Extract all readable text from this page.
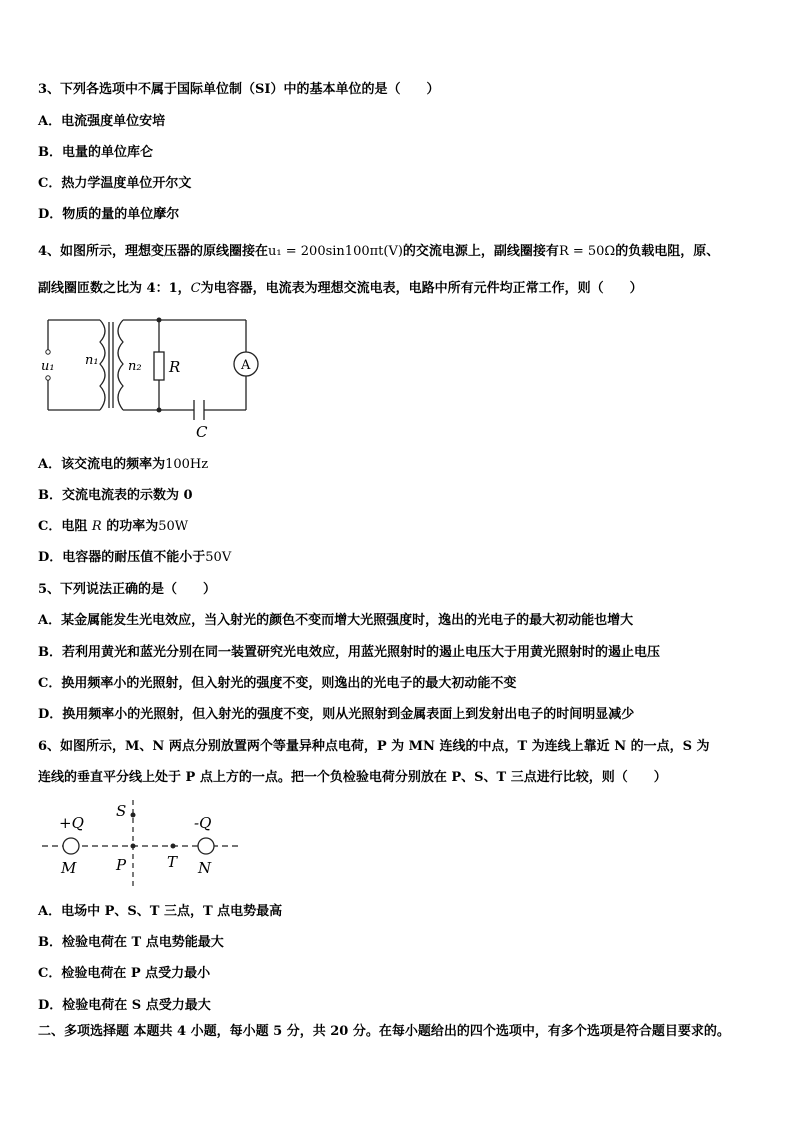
3、下列各选项中不属于国际单位制（SI）中的基本单位的是（　　）
A．电流强度单位安培
B．电量的单位库仑
C．热力学温度单位开尔文
D．物质的量的单位摩尔
4、如图所示，理想变压器的原线圈接在u₁ = 200sin100πt(V)的交流电源上，副线圈接有R = 50Ω的负载电阻，原、
副线圈匝数之比为 4：1，C为电容器，电流表为理想交流电表，电路中所有元件均正常工作，则（　　）
u₁ n₁ n₂ R	A
C
A．该交流电的频率为100Hz
B．交流电流表的示数为 0
C．电阻 R 的功率为50W
D．电容器的耐压值不能小于50V
5、下列说法正确的是（　　）
A．某金属能发生光电效应，当入射光的颜色不变而增大光照强度时，逸出的光电子的最大初动能也增大
B．若利用黄光和蓝光分别在同一装置研究光电效应，用蓝光照射时的遏止电压大于用黄光照射时的遏止电压
C．换用频率小的光照射，但入射光的强度不变，则逸出的光电子的最大初动能不变
D．换用频率小的光照射，但入射光的强度不变，则从光照射到金属表面上到发射出电子的时间明显减少
6、如图所示，M、N 两点分别放置两个等量异种点电荷，P 为 MN 连线的中点，T 为连线上靠近 N 的一点，S 为
连线的垂直平分线上处于 P 点上方的一点。把一个负检验电荷分别放在 P、S、T 三点进行比较，则（　　）
+Q	-Q
M	N
P
S
T
A．电场中 P、S、T 三点，T 点电势最高
B．检验电荷在 T 点电势能最大
C．检验电荷在 P 点受力最小
D．检验电荷在 S 点受力最大
二、多项选择题 本题共 4 小题，每小题 5 分，共 20 分。在每小题给出的四个选项中，有多个选项是符合题目要求的。
